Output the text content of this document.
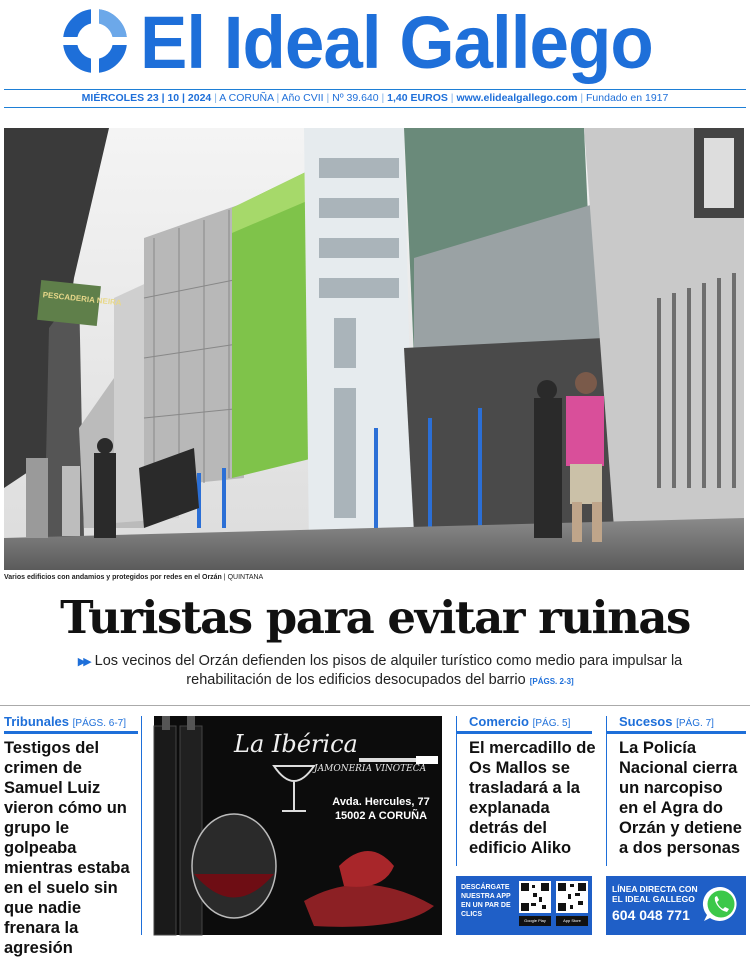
El Ideal Gallego
MIÉRCOLES 23 | 10 | 2024 | A CORUÑA | Año CVII | Nº 39.640 | 1,40 EUROS | www.elidealgallego.com | Fundado en 1917
PESCADERIA NEIRA
Varios edificios con andamios y protegidos por redes en el Orzán | QUINTANA
Turistas para evitar ruinas
▶▶ Los vecinos del Orzán defienden los pisos de alquiler turístico como medio para impulsar la rehabilitación de los edificios desocupados del barrio [PÁGS. 2-3]
Tribunales [PÁGS. 6-7]
Testigos del crimen de Samuel Luiz vieron cómo un grupo le golpeaba mientras estaba en el suelo sin que nadie frenara la agresión
La Ibérica
JAMONERIA VINOTECA
Avda. Hercules, 77
15002 A CORUÑA
Comercio [PÁG. 5]
El mercadillo de Os Mallos se trasladará a la explanada detrás del edificio Aliko
Sucesos [PÁG. 7]
La Policía Nacional cierra un narcopiso en el Agra do Orzán y detiene a dos personas
DESCÁRGATE NUESTRA APP EN UN PAR DE CLICS
Google Play	App Store
LÍNEA DIRECTA CON
EL IDEAL GALLEGO
604 048 771
